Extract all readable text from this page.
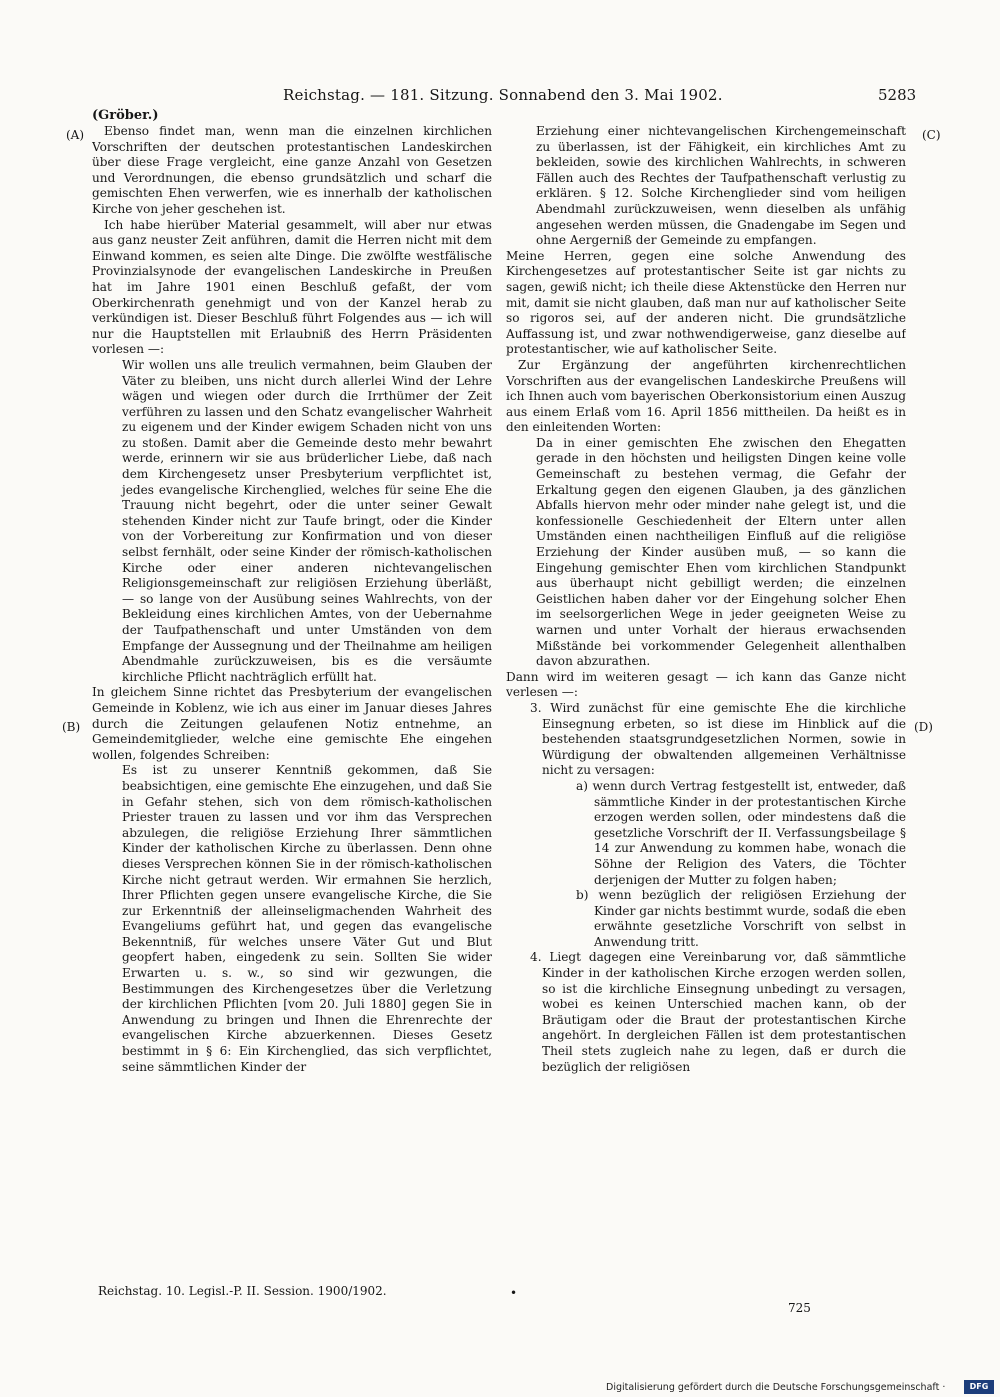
Reichstag. — 181. Sitzung. Sonnabend den 3. Mai 1902.	5283
(Gröber.)
(A)
(B)
(C)
(D)

Ebenso findet man, wenn man die einzelnen kirchlichen Vorschriften der deutschen protestantischen Landeskirchen über diese Frage vergleicht, eine ganze Anzahl von Gesetzen und Verordnungen, die ebenso grundsätzlich und scharf die gemischten Ehen verwerfen, wie es innerhalb der katholischen Kirche von jeher geschehen ist.

Ich habe hierüber Material gesammelt, will aber nur etwas aus ganz neuster Zeit anführen, damit die Herren nicht mit dem Einwand kommen, es seien alte Dinge. Die zwölfte westfälische Provinzialsynode der evangelischen Landeskirche in Preußen hat im Jahre 1901 einen Beschluß gefaßt, der vom Oberkirchenrath genehmigt und von der Kanzel herab zu verkündigen ist. Dieser Beschluß führt Folgendes aus — ich will nur die Hauptstellen mit Erlaubniß des Herrn Präsidenten vorlesen —:

Wir wollen uns alle treulich vermahnen, beim Glauben der Väter zu bleiben, uns nicht durch allerlei Wind der Lehre wägen und wiegen oder durch die Irrthümer der Zeit verführen zu lassen und den Schatz evangelischer Wahrheit zu eigenem und der Kinder ewigem Schaden nicht von uns zu stoßen. Damit aber die Gemeinde desto mehr bewahrt werde, erinnern wir sie aus brüderlicher Liebe, daß nach dem Kirchengesetz unser Presbyterium verpflichtet ist, jedes evangelische Kirchenglied, welches für seine Ehe die Trauung nicht begehrt, oder die unter seiner Gewalt stehenden Kinder nicht zur Taufe bringt, oder die Kinder von der Vorbereitung zur Konfirmation und von dieser selbst fernhält, oder seine Kinder der römisch-katholischen Kirche oder einer anderen nichtevangelischen Religionsgemeinschaft zur religiösen Erziehung überläßt, — so lange von der Ausübung seines Wahlrechts, von der Bekleidung eines kirchlichen Amtes, von der Uebernahme der Taufpathenschaft und unter Umständen von dem Empfange der Aussegnung und der Theilnahme am heiligen Abendmahle zurückzuweisen, bis es die versäumte kirchliche Pflicht nachträglich erfüllt hat.

In gleichem Sinne richtet das Presbyterium der evangelischen Gemeinde in Koblenz, wie ich aus einer im Januar dieses Jahres durch die Zeitungen gelaufenen Notiz entnehme, an Gemeindemitglieder, welche eine gemischte Ehe eingehen wollen, folgendes Schreiben:

Es ist zu unserer Kenntniß gekommen, daß Sie beabsichtigen, eine gemischte Ehe einzugehen, und daß Sie in Gefahr stehen, sich von dem römisch-katholischen Priester trauen zu lassen und vor ihm das Versprechen abzulegen, die religiöse Erziehung Ihrer sämmtlichen Kinder der katholischen Kirche zu überlassen. Denn ohne dieses Versprechen können Sie in der römisch-katholischen Kirche nicht getraut werden. Wir ermahnen Sie herzlich, Ihrer Pflichten gegen unsere evangelische Kirche, die Sie zur Erkenntniß der alleinseligmachenden Wahrheit des Evangeliums geführt hat, und gegen das evangelische Bekenntniß, für welches unsere Väter Gut und Blut geopfert haben, eingedenk zu sein. Sollten Sie wider Erwarten u. s. w., so sind wir gezwungen, die Bestimmungen des Kirchengesetzes über die Verletzung der kirchlichen Pflichten [vom 20. Juli 1880] gegen Sie in Anwendung zu bringen und Ihnen die Ehrenrechte der evangelischen Kirche abzuerkennen. Dieses Gesetz bestimmt in § 6: Ein Kirchenglied, das sich verpflichtet, seine sämmtlichen Kinder der

Erziehung einer nichtevangelischen Kirchengemeinschaft zu überlassen, ist der Fähigkeit, ein kirchliches Amt zu bekleiden, sowie des kirchlichen Wahlrechts, in schweren Fällen auch des Rechtes der Taufpathenschaft verlustig zu erklären. § 12. Solche Kirchenglieder sind vom heiligen Abendmahl zurückzuweisen, wenn dieselben als unfähig angesehen werden müssen, die Gnadengabe im Segen und ohne Aergerniß der Gemeinde zu empfangen.

Meine Herren, gegen eine solche Anwendung des Kirchengesetzes auf protestantischer Seite ist gar nichts zu sagen, gewiß nicht; ich theile diese Aktenstücke den Herren nur mit, damit sie nicht glauben, daß man nur auf katholischer Seite so rigoros sei, auf der anderen nicht. Die grundsätzliche Auffassung ist, und zwar nothwendigerweise, ganz dieselbe auf protestantischer, wie auf katholischer Seite.

Zur Ergänzung der angeführten kirchenrechtlichen Vorschriften aus der evangelischen Landeskirche Preußens will ich Ihnen auch vom bayerischen Oberkonsistorium einen Auszug aus einem Erlaß vom 16. April 1856 mittheilen. Da heißt es in den einleitenden Worten:

Da in einer gemischten Ehe zwischen den Ehegatten gerade in den höchsten und heiligsten Dingen keine volle Gemeinschaft zu bestehen vermag, die Gefahr der Erkaltung gegen den eigenen Glauben, ja des gänzlichen Abfalls hiervon mehr oder minder nahe gelegt ist, und die konfessionelle Geschiedenheit der Eltern unter allen Umständen einen nachtheiligen Einfluß auf die religiöse Erziehung der Kinder ausüben muß, — so kann die Eingehung gemischter Ehen vom kirchlichen Standpunkt aus überhaupt nicht gebilligt werden; die einzelnen Geistlichen haben daher vor der Eingehung solcher Ehen im seelsorgerlichen Wege in jeder geeigneten Weise zu warnen und unter Vorhalt der hieraus erwachsenden Mißstände bei vorkommender Gelegenheit allenthalben davon abzurathen.

Dann wird im weiteren gesagt — ich kann das Ganze nicht verlesen —:

3. Wird zunächst für eine gemischte Ehe die kirchliche Einsegnung erbeten, so ist diese im Hinblick auf die bestehenden staatsgrundgesetzlichen Normen, sowie in Würdigung der obwaltenden allgemeinen Verhältnisse nicht zu versagen:

a) wenn durch Vertrag festgestellt ist, entweder, daß sämmtliche Kinder in der protestantischen Kirche erzogen werden sollen, oder mindestens daß die gesetzliche Vorschrift der II. Verfassungsbeilage § 14 zur Anwendung zu kommen habe, wonach die Söhne der Religion des Vaters, die Töchter derjenigen der Mutter zu folgen haben;

b) wenn bezüglich der religiösen Erziehung der Kinder gar nichts bestimmt wurde, sodaß die eben erwähnte gesetzliche Vorschrift von selbst in Anwendung tritt.

4. Liegt dagegen eine Vereinbarung vor, daß sämmtliche Kinder in der katholischen Kirche erzogen werden sollen, so ist die kirchliche Einsegnung unbedingt zu versagen, wobei es keinen Unterschied machen kann, ob der Bräutigam oder die Braut der protestantischen Kirche angehört. In dergleichen Fällen ist dem protestantischen Theil stets zugleich nahe zu legen, daß er durch die bezüglich der religiösen

•
Reichstag. 10. Legisl.-P. II. Session. 1900/1902.
725
Digitalisierung gefördert durch die Deutsche Forschungsgemeinschaft ·	DFG
